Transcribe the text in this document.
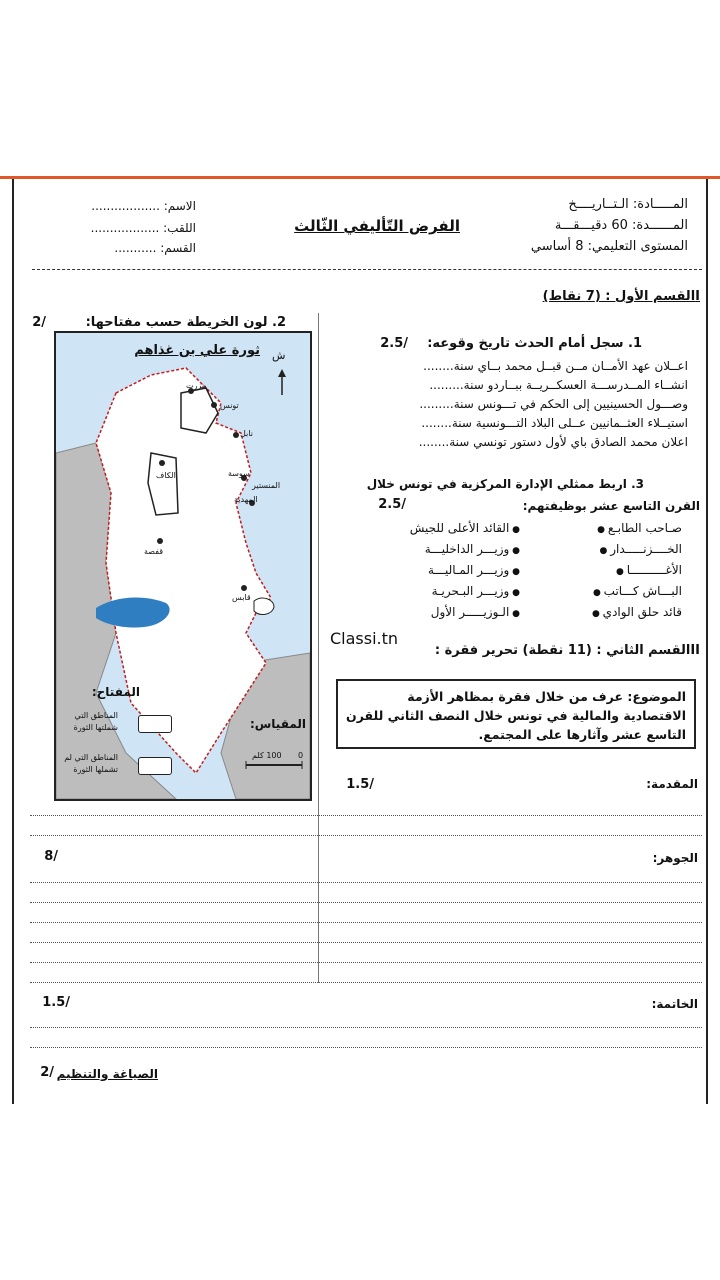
المـــــادة: الـتــاريــــخ
المــــــدة: 60 دقيـــقـــة
المستوى التعليمي: 8 أساسي
الفرض التّأليفي الثّالث
الاسم: ..................
اللقب: ..................
القسم: ...........
Iالقسم الأول : (7 نقاط)
1. سجل أمام الحدث تاريخ وقوعه:
/2.5
اعــلان عهد الأمــان مــن قبــل محمد بــاي سنة........
انشــاء المــدرســـة العسكــريــة ببــاردو سنة.........
وصـــول الحسينيين إلى الحكم في تـــونس سنة.........
استيــلاء العثــمانيين عــلى البلاد التـــونسية سنة........
اعلان محمد الصادق باي لأول دستور تونسي سنة........
3. اربط ممثلي الإدارة المركزية في تونس خلال
القرن التاسع عشر بوظيفتهم:
/2.5
صـاحب الطابـع ●
الخــــزنـــــدار ●
الأغــــــــــا ●
البـــاش كـــاتب ●
قائد حلق الوادي ●
● القائد الأعلى للجيش
● وزيـــر الداخليـــة
● وزيـــر المـاليـــة
● وزيـــر البـحريـة
● الـوزيـــــر الأول
2. لون الخريطة حسب مفتاحها:
/2
ثورة علي بن غذاهم ش
بنزرت
تونس
نابل
سوسة
المنستير
المهدية
الكاف
قفصة
قابس
المفتاح:
المناطق التي
شملتها الثورة
المناطق التي لم
تشملها الثورة
المقياس:
100 كلم 0
Classi.tn
IIالقسم الثاني : (11 نقطة) تحرير فقرة :
الموضوع: عرف من خلال فقرة بمظاهر الأزمة الاقتصادية والمالية في تونس خلال النصف الثاني للقرن التاسع عشر وآثارها على المجتمع.
المقدمة:
/1.5
الجوهر:
/8
الخاتمة:
/1.5
الصياغة والتنظيم
/2
